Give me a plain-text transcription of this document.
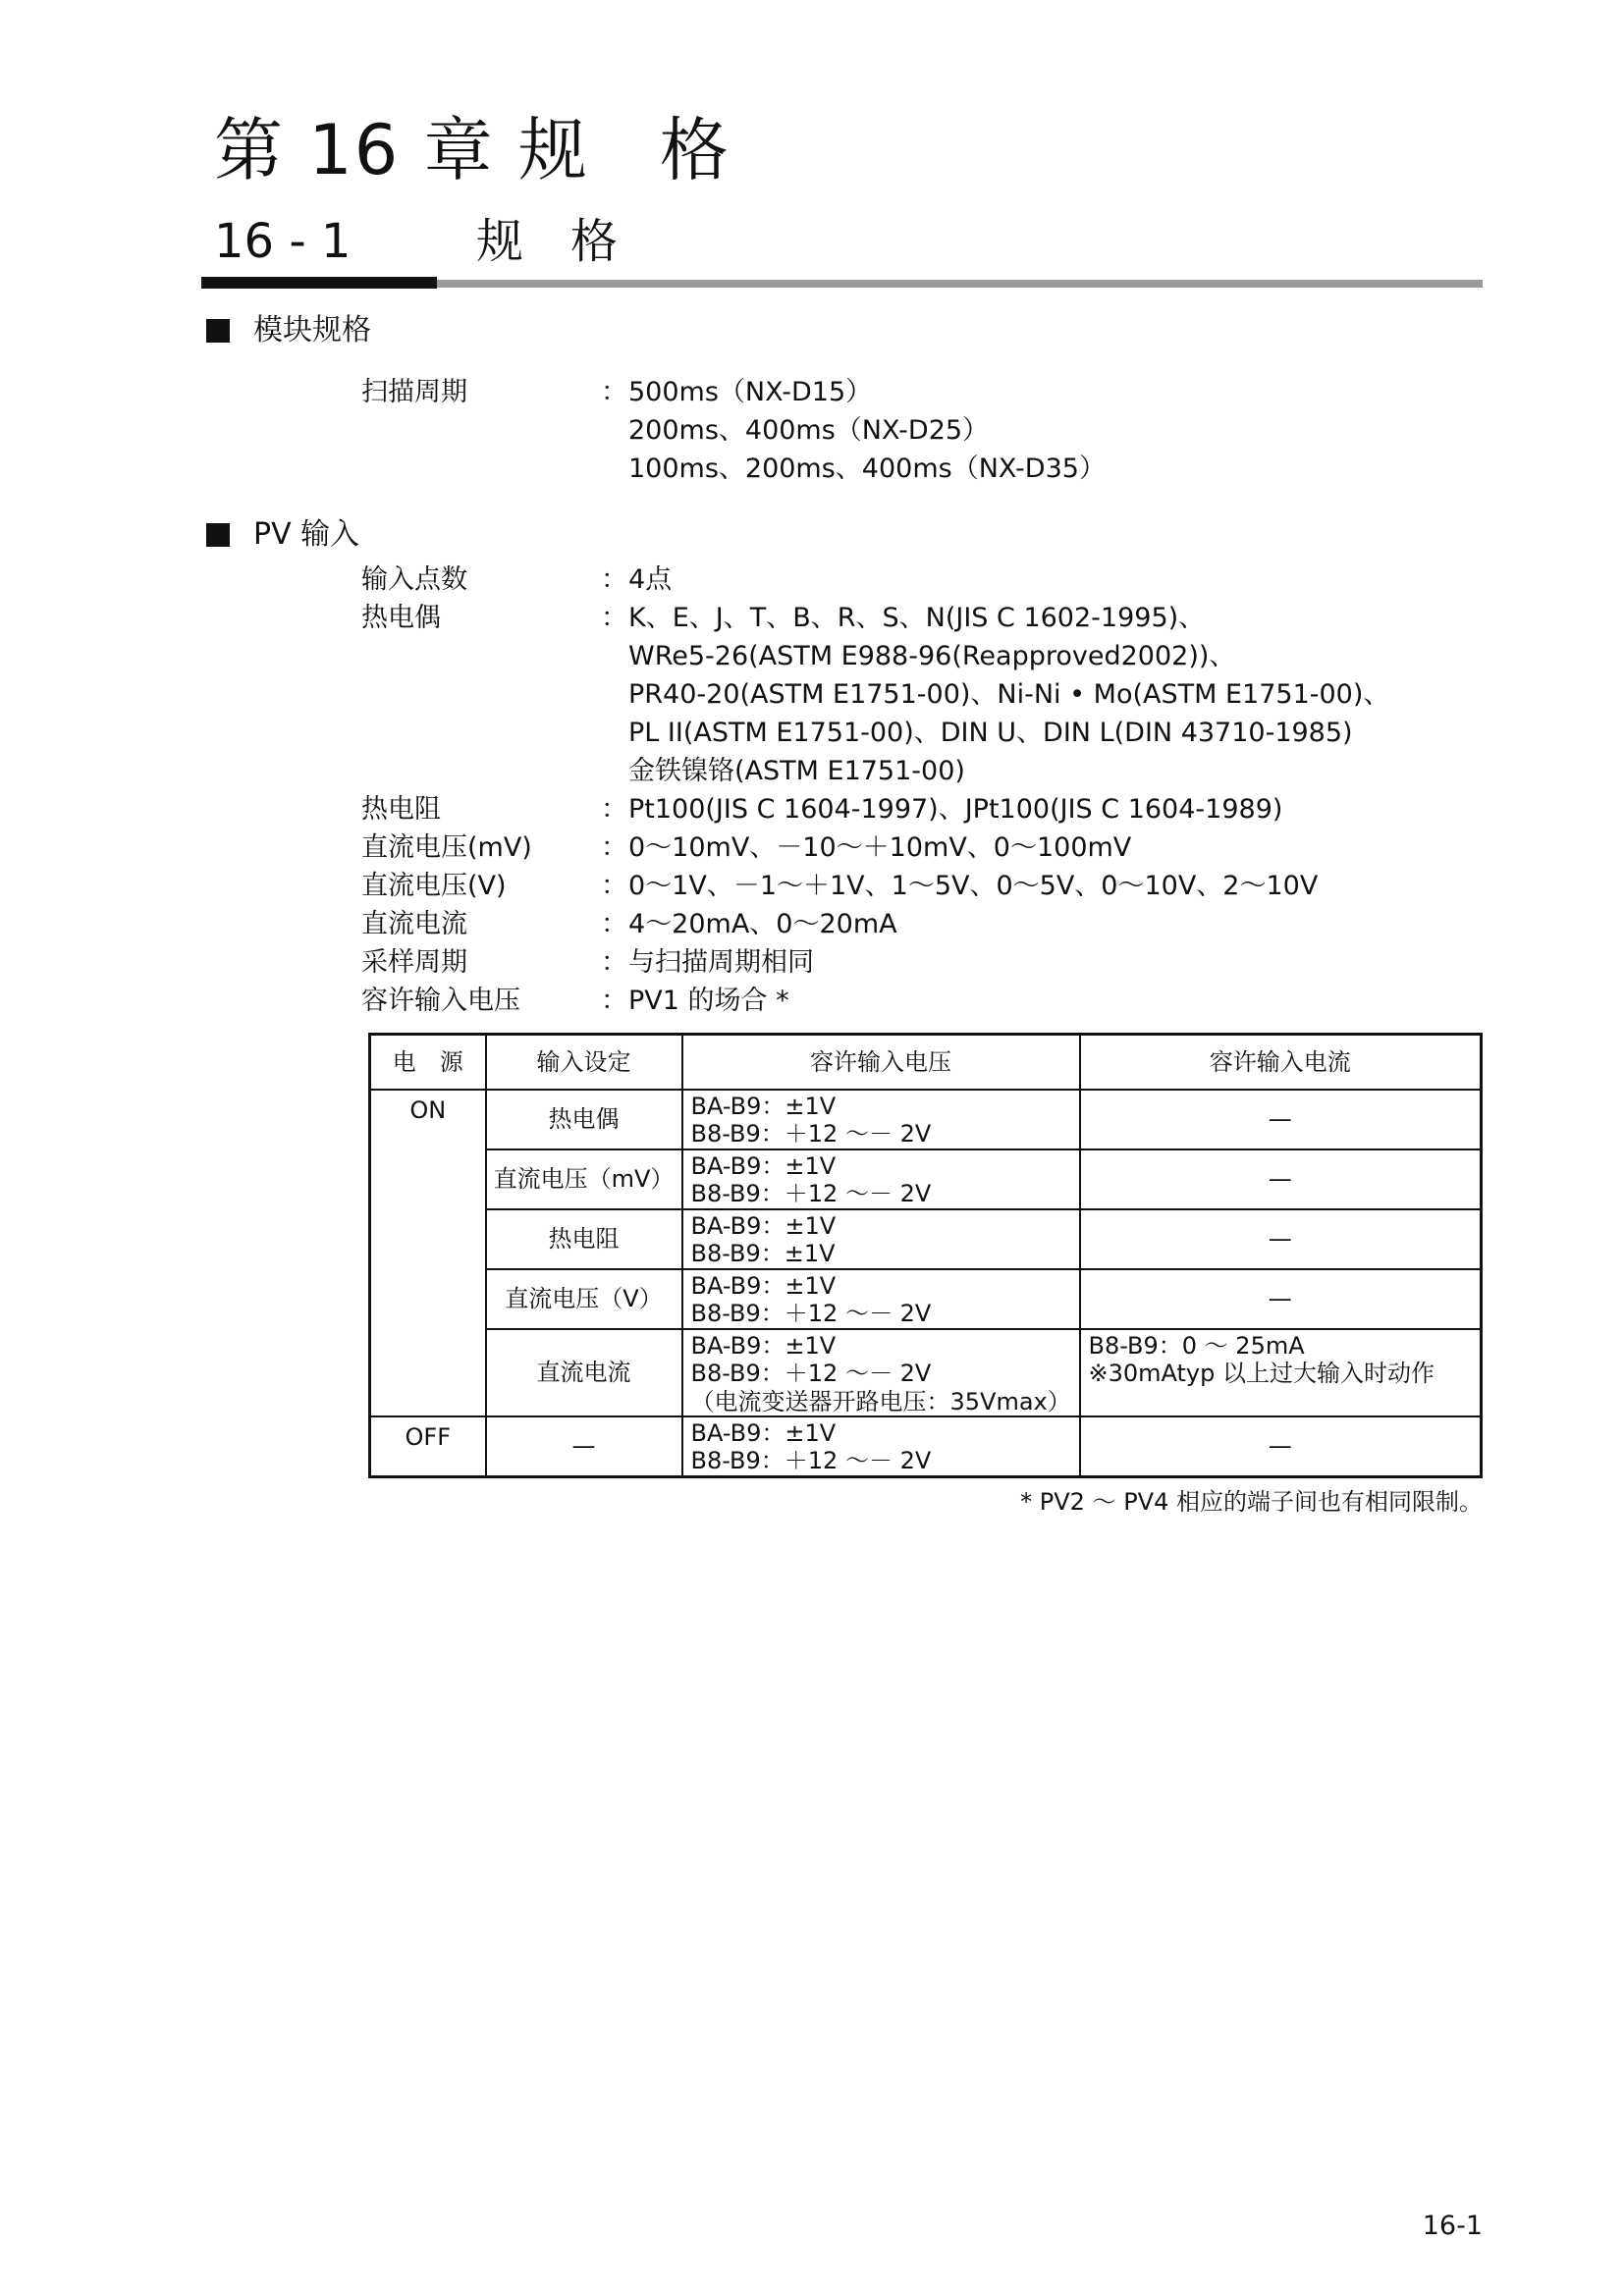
第 16 章 规　格
16 - 1	规　格
模块规格
扫描周期	： 500ms（NX-D15）
200ms、400ms（NX-D25）
100ms、200ms、400ms（NX-D35）
PV 输入
输入点数	： 4点
热电偶	： K、E、J、T、B、R、S、N(JIS C 1602-1995)、
WRe5-26(ASTM E988-96(Reapproved2002))、
PR40-20(ASTM E1751-00)、Ni-Ni • Mo(ASTM E1751-00)、
PL II(ASTM E1751-00)、DIN U、DIN L(DIN 43710-1985)
金铁镍铬(ASTM E1751-00)
热电阻	： Pt100(JIS C 1604-1997)、JPt100(JIS C 1604-1989)
直流电压(mV)	： 0～10mV、－10～＋10mV、0～100mV
直流电压(V)	： 0～1V、－1～＋1V、1～5V、0～5V、0～10V、2～10V
直流电流	： 4～20mA、0～20mA
采样周期	： 与扫描周期相同
容许输入电压	： PV1 的场合 *
电　源	输入设定	容许输入电压	容许输入电流
ON	热电偶	BA-B9：±1V
B8-B9：＋12 ～－ 2V	—
	直流电压（mV）	BA-B9：±1V
B8-B9：＋12 ～－ 2V	—
	热电阻	BA-B9：±1V
B8-B9：±1V	—
	直流电压（V）	BA-B9：±1V
B8-B9：＋12 ～－ 2V	—
	直流电流	BA-B9：±1V
B8-B9：＋12 ～－ 2V
（电流变送器开路电压：35Vmax）	B8-B9：0 ～ 25mA
※30mAtyp 以上过大输入时动作

OFF	—	BA-B9：±1V
B8-B9：＋12 ～－ 2V	—
* PV2 ～ PV4 相应的端子间也有相同限制。
16-1
